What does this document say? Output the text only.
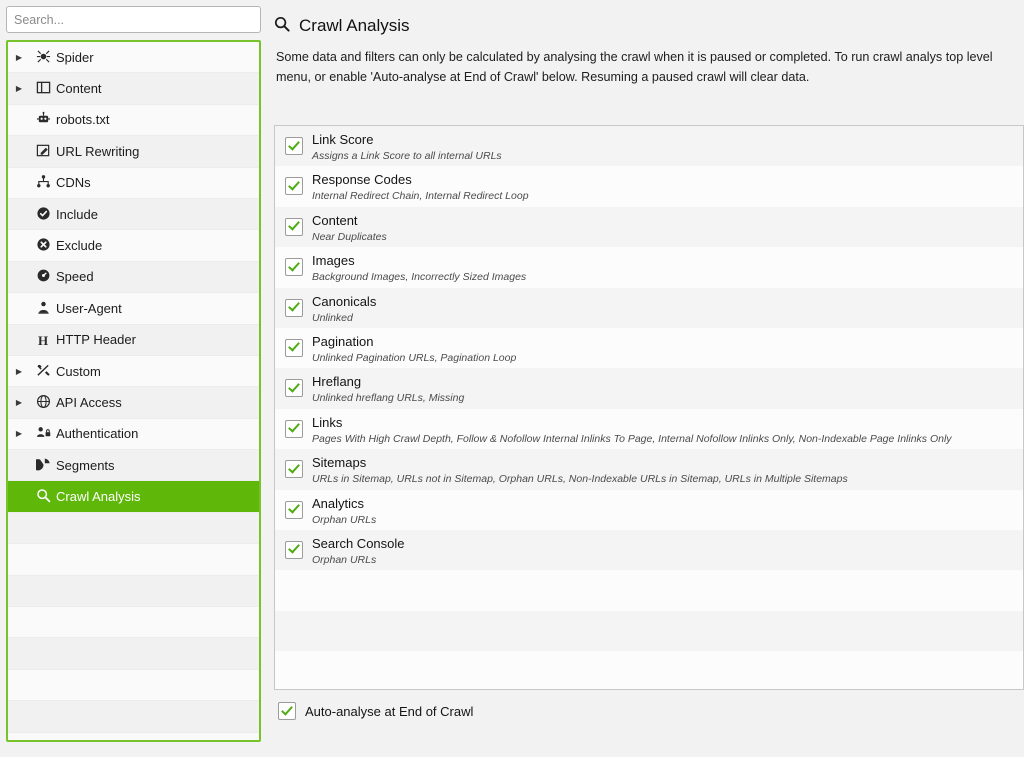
Search...
▶	Spider
▶	Content
robots.txt
URL Rewriting
CDNs
Include
Exclude
Speed
User-Agent
H HTTP Header
▶	Custom
▶	API Access
▶	Authentication
Segments
Crawl Analysis
Crawl Analysis
Some data and filters can only be calculated by analysing the crawl when it is paused or completed. To run crawl analys top level menu, or enable 'Auto-analyse at End of Crawl' below. Resuming a paused crawl will clear data.
Link Score
Assigns a Link Score to all internal URLs
Response Codes
Internal Redirect Chain, Internal Redirect Loop
Content
Near Duplicates
Images
Background Images, Incorrectly Sized Images
Canonicals
Unlinked
Pagination
Unlinked Pagination URLs, Pagination Loop
Hreflang
Unlinked hreflang URLs, Missing
Links
Pages With High Crawl Depth, Follow & Nofollow Internal Inlinks To Page, Internal Nofollow Inlinks Only, Non-Indexable Page Inlinks Only
Sitemaps
URLs in Sitemap, URLs not in Sitemap, Orphan URLs, Non-Indexable URLs in Sitemap, URLs in Multiple Sitemaps
Analytics
Orphan URLs
Search Console
Orphan URLs
Auto-analyse at End of Crawl
